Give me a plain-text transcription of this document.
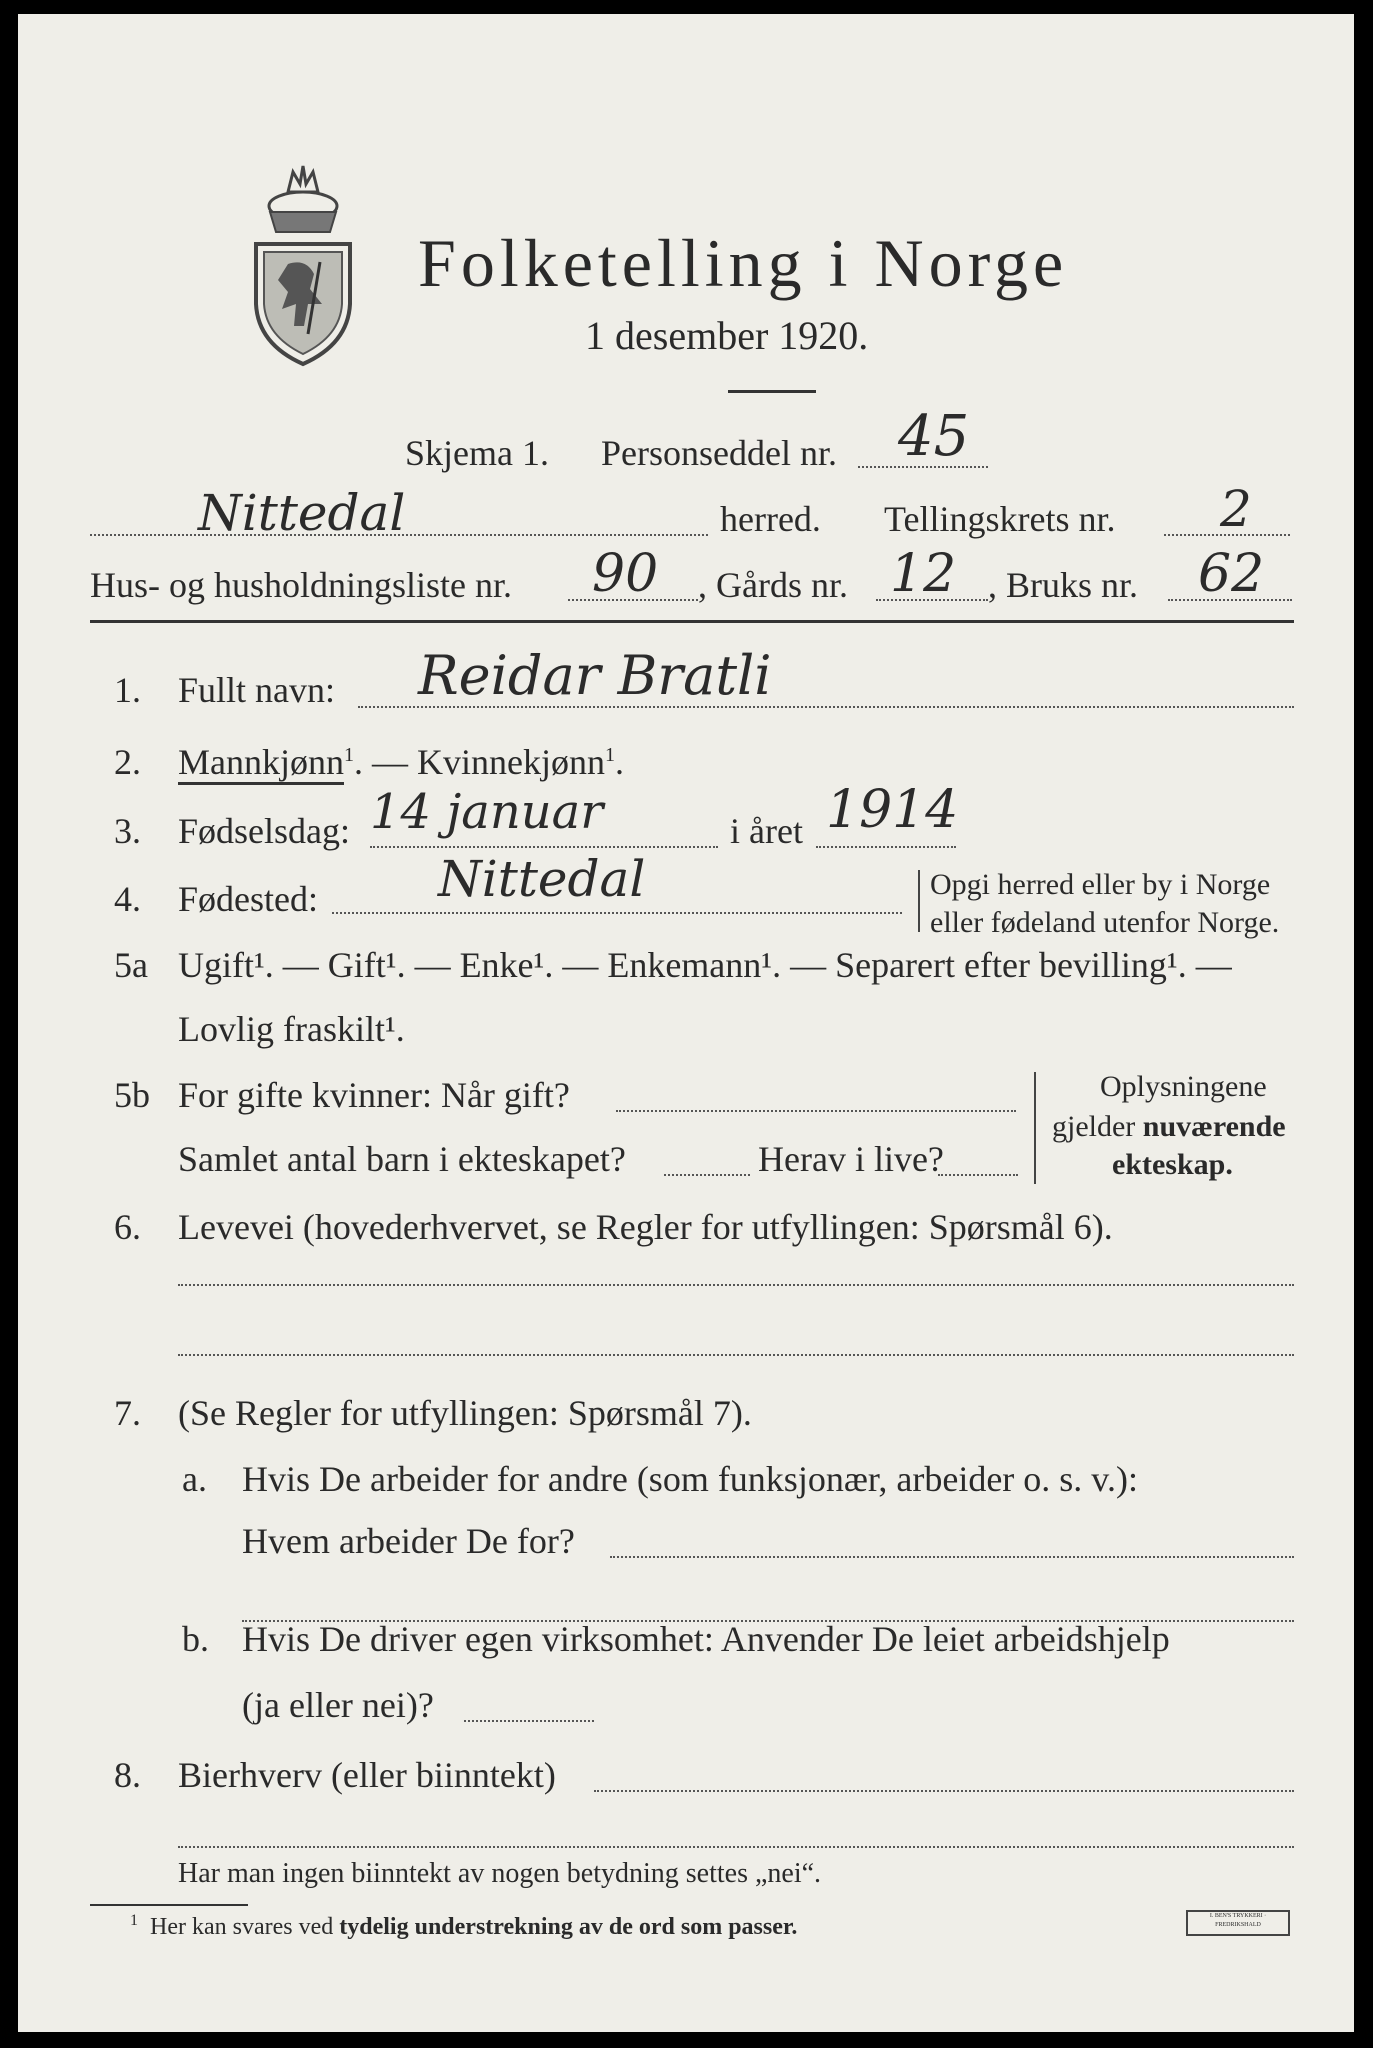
Folketelling i Norge
1 desember 1920.
Skjema 1. Personseddel nr. 45
Nittedal	herred. Tellingskrets nr. 2
Hus- og husholdningsliste nr. 90 , Gårds nr. 12 , Bruks nr. 62
1. Fullt navn: Reidar Bratli
2. Mannkjønn$^1$. — Kvinnekjønn$^1$.
3. Fødselsdag: 14 januar	i året 1914
4. Fødested: Nittedal	Opgi herred eller by i Norge
eller fødeland utenfor Norge.
5a Ugift¹. — Gift¹. — Enke¹. — Enkemann¹. — Separert efter bevilling¹. —
Lovlig fraskilt¹.
5b For gifte kvinner: Når gift?
Samlet antal barn i ekteskapet?	Herav i live?
Oplysningene
gjelder nuværende
ekteskap.
6. Levevei (hovederhvervet, se Regler for utfyllingen: Spørsmål 6).
7. (Se Regler for utfyllingen: Spørsmål 7).
a. Hvis De arbeider for andre (som funksjonær, arbeider o. s. v.):
Hvem arbeider De for?
b. Hvis De driver egen virksomhet: Anvender De leiet arbeidshjelp
(ja eller nei)?
8. Bierhverv (eller biinntekt)
Har man ingen biinntekt av nogen betydning settes „nei“.
$^1$ Her kan svares ved tydelig understrekning av de ord som passer.	I. BEN'S TRYKKERI · FREDRIKSHALD
